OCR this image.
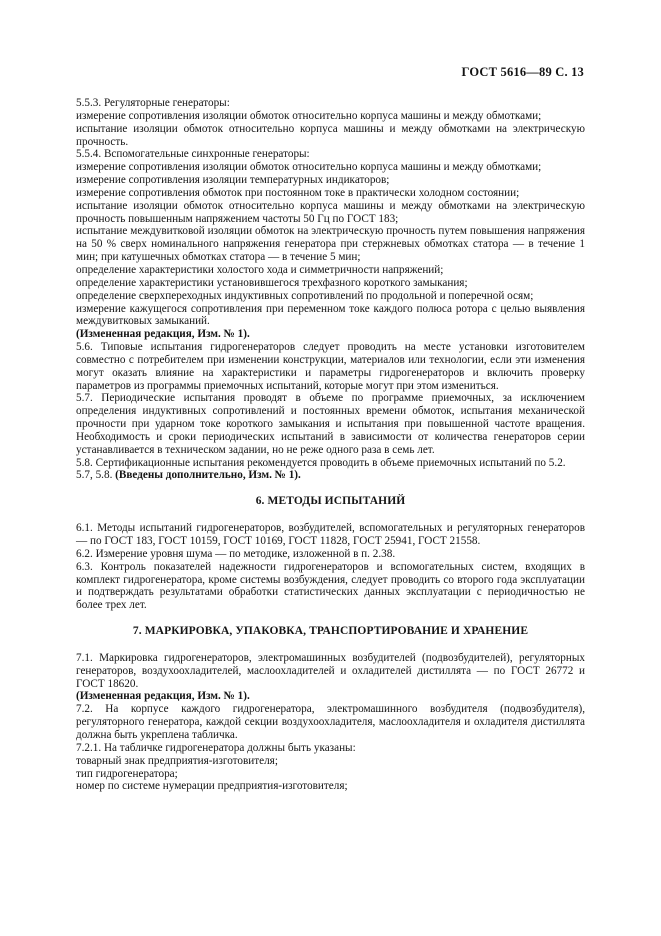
ГОСТ 5616—89 С. 13

5.5.3. Регуляторные генераторы:

измерение сопротивления изоляции обмоток относительно корпуса машины и между обмотками;

испытание изоляции обмоток относительно корпуса машины и между обмотками на электрическую прочность.

5.5.4. Вспомогательные синхронные генераторы:

измерение сопротивления изоляции обмоток относительно корпуса машины и между обмотками;

измерение сопротивления изоляции температурных индикаторов;

измерение сопротивления обмоток при постоянном токе в практически холодном состоянии;

испытание изоляции обмоток относительно корпуса машины и между обмотками на электрическую прочность повышенным напряжением частоты 50 Гц по ГОСТ 183;

испытание междувитковой изоляции обмоток на электрическую прочность путем повышения напряжения на 50 % сверх номинального напряжения генератора при стержневых обмотках статора — в течение 1 мин; при катушечных обмотках статора — в течение 5 мин;

определение характеристики холостого хода и симметричности напряжений;

определение характеристики установившегося трехфазного короткого замыкания;

определение сверхпереходных индуктивных сопротивлений по продольной и поперечной осям;

измерение кажущегося сопротивления при переменном токе каждого полюса ротора с целью выявления междувитковых замыканий.

(Измененная редакция, Изм. № 1).

5.6. Типовые испытания гидрогенераторов следует проводить на месте установки изготовителем совместно с потребителем при изменении конструкции, материалов или технологии, если эти изменения могут оказать влияние на характеристики и параметры гидрогенераторов и включить проверку параметров из программы приемочных испытаний, которые могут при этом измениться.

5.7. Периодические испытания проводят в объеме по программе приемочных, за исключением определения индуктивных сопротивлений и постоянных времени обмоток, испытания механической прочности при ударном токе короткого замыкания и испытания при повышенной частоте вращения. Необходимость и сроки периодических испытаний в зависимости от количества генераторов серии устанавливается в техническом задании, но не реже одного раза в семь лет.

5.8. Сертификационные испытания рекомендуется проводить в объеме приемочных испытаний по 5.2.

5.7, 5.8. (Введены дополнительно, Изм. № 1).

6. МЕТОДЫ ИСПЫТАНИЙ

6.1. Методы испытаний гидрогенераторов, возбудителей, вспомогательных и регуляторных генераторов — по ГОСТ 183, ГОСТ 10159, ГОСТ 10169, ГОСТ 11828, ГОСТ 25941, ГОСТ 21558.

6.2. Измерение уровня шума — по методике, изложенной в п. 2.38.

6.3. Контроль показателей надежности гидрогенераторов и вспомогательных систем, входящих в комплект гидрогенератора, кроме системы возбуждения, следует проводить со второго года эксплуатации и подтверждать результатами обработки статистических данных эксплуатации с периодичностью не более трех лет.

7. МАРКИРОВКА, УПАКОВКА, ТРАНСПОРТИРОВАНИЕ И ХРАНЕНИЕ

7.1. Маркировка гидрогенераторов, электромашинных возбудителей (подвозбудителей), регуляторных генераторов, воздухоохладителей, маслоохладителей и охладителей дистиллята — по ГОСТ 26772 и ГОСТ 18620.

(Измененная редакция, Изм. № 1).

7.2. На корпусе каждого гидрогенератора, электромашинного возбудителя (подвозбудителя), регуляторного генератора, каждой секции воздухоохладителя, маслоохладителя и охладителя дистиллята должна быть укреплена табличка.

7.2.1. На табличке гидрогенератора должны быть указаны:

товарный знак предприятия-изготовителя;

тип гидрогенератора;

номер по системе нумерации предприятия-изготовителя;
